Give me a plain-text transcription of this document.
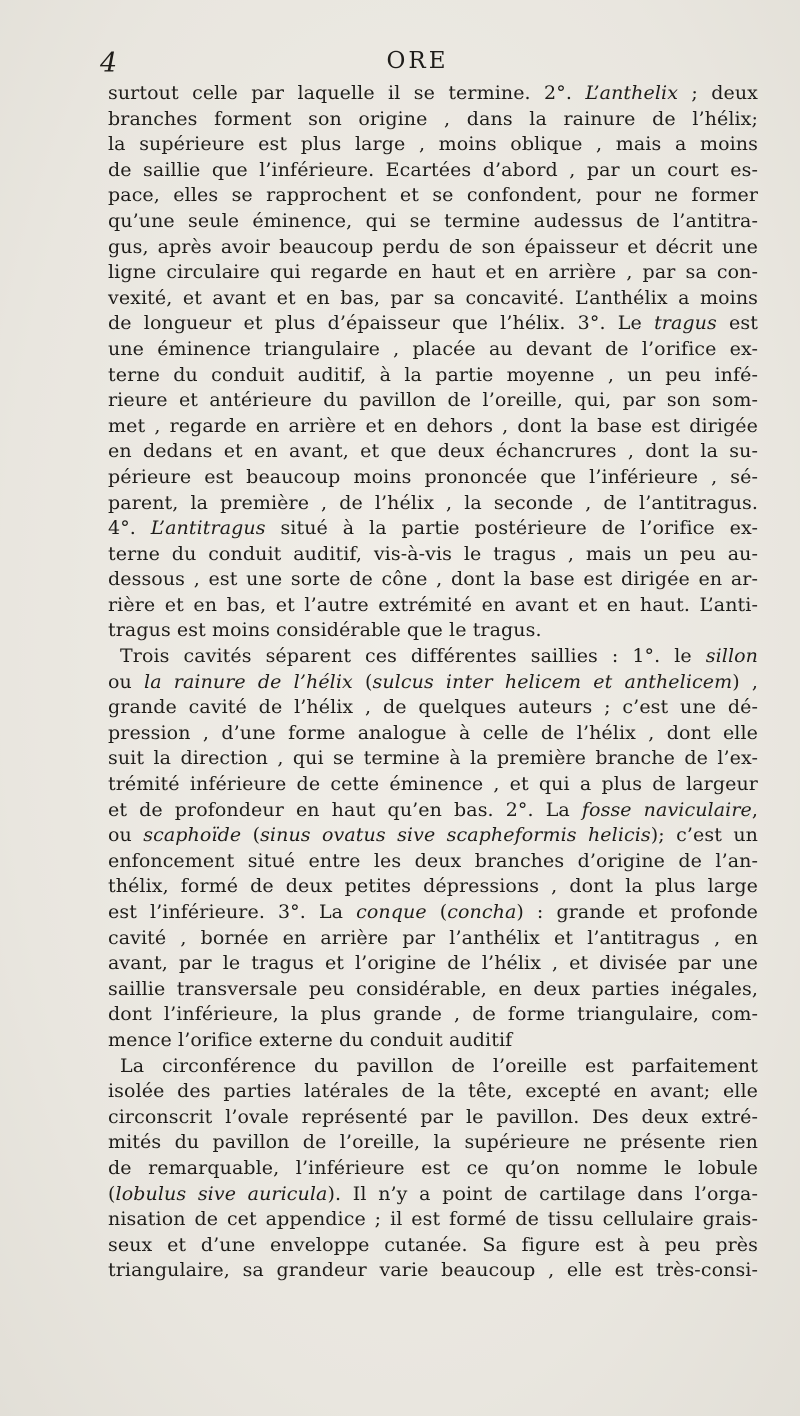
4	ORE
surtout celle par laquelle il se termine. 2°. L’anthelix ; deux
branches forment son origine , dans la rainure de l’hélix;
la supérieure est plus large , moins oblique , mais a moins
de saillie que l’inférieure. Ecartées d’abord , par un court es-
pace, elles se rapprochent et se confondent, pour ne former
qu’une seule éminence, qui se termine audessus de l’antitra-
gus, après avoir beaucoup perdu de son épaisseur et décrit une
ligne circulaire qui regarde en haut et en arrière , par sa con-
vexité, et avant et en bas, par sa concavité. L’anthélix a moins
de longueur et plus d’épaisseur que l’hélix. 3°. Le tragus est
une éminence triangulaire , placée au devant de l’orifice ex-
terne du conduit auditif, à la partie moyenne , un peu infé-
rieure et antérieure du pavillon de l’oreille, qui, par son som-
met , regarde en arrière et en dehors , dont la base est dirigée
en dedans et en avant, et que deux échancrures , dont la su-
périeure est beaucoup moins prononcée que l’inférieure , sé-
parent, la première , de l’hélix , la seconde , de l’antitragus.
4°. L’antitragus situé à la partie postérieure de l’orifice ex-
terne du conduit auditif, vis-à-vis le tragus , mais un peu au-
dessous , est une sorte de cône , dont la base est dirigée en ar-
rière et en bas, et l’autre extrémité en avant et en haut. L’anti-
tragus est moins considérable que le tragus.
Trois cavités séparent ces différentes saillies : 1°. le sillon
ou la rainure de l’hélix (sulcus inter helicem et anthelicem) ,
grande cavité de l’hélix , de quelques auteurs ; c’est une dé-
pression , d’une forme analogue à celle de l’hélix , dont elle
suit la direction , qui se termine à la première branche de l’ex-
trémité inférieure de cette éminence , et qui a plus de largeur
et de profondeur en haut qu’en bas. 2°. La fosse naviculaire,
ou scaphoïde (sinus ovatus sive scapheformis helicis); c’est un
enfoncement situé entre les deux branches d’origine de l’an-
thélix, formé de deux petites dépressions , dont la plus large
est l’inférieure. 3°. La conque (concha) : grande et profonde
cavité , bornée en arrière par l’anthélix et l’antitragus , en
avant, par le tragus et l’origine de l’hélix , et divisée par une
saillie transversale peu considérable, en deux parties inégales,
dont l’inférieure, la plus grande , de forme triangulaire, com-
mence l’orifice externe du conduit auditif
La circonférence du pavillon de l’oreille est parfaitement
isolée des parties latérales de la tête, excepté en avant; elle
circonscrit l’ovale représenté par le pavillon. Des deux extré-
mités du pavillon de l’oreille, la supérieure ne présente rien
de remarquable, l’inférieure est ce qu’on nomme le lobule
(lobulus sive auricula). Il n’y a point de cartilage dans l’orga-
nisation de cet appendice ; il est formé de tissu cellulaire grais-
seux et d’une enveloppe cutanée. Sa figure est à peu près
triangulaire, sa grandeur varie beaucoup , elle est très-consi-
